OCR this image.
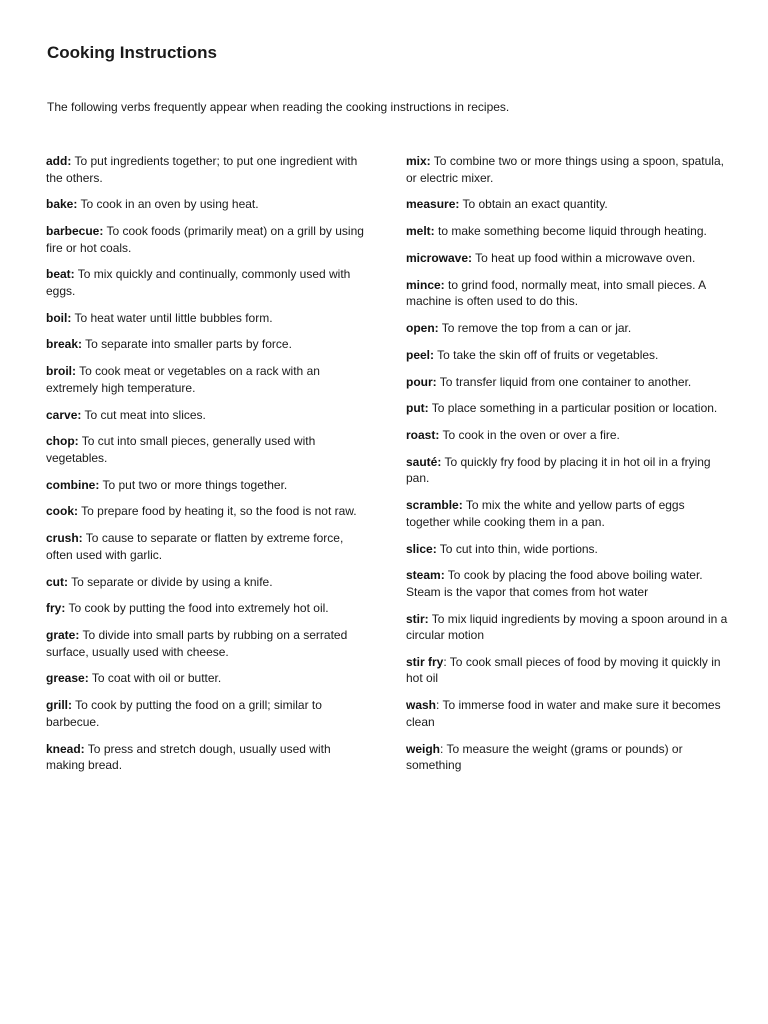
Cooking Instructions

The following verbs frequently appear when reading the cooking instructions in recipes.

add: To put ingredients together; to put one ingredient with the others.

bake: To cook in an oven by using heat.

barbecue: To cook foods (primarily meat) on a grill by using fire or hot coals.

beat: To mix quickly and continually, commonly used with eggs.

boil: To heat water until little bubbles form.

break: To separate into smaller parts by force.

broil: To cook meat or vegetables on a rack with an extremely high temperature.

carve: To cut meat into slices.

chop: To cut into small pieces, generally used with vegetables.

combine: To put two or more things together.

cook: To prepare food by heating it, so the food is not raw.

crush: To cause to separate or flatten by extreme force, often used with garlic.

cut: To separate or divide by using a knife.

fry: To cook by putting the food into extremely hot oil.

grate: To divide into small parts by rubbing on a serrated surface, usually used with cheese.

grease: To coat with oil or butter.

grill: To cook by putting the food on a grill; similar to barbecue.

knead: To press and stretch dough, usually used with making bread.

mix: To combine two or more things using a spoon, spatula, or electric mixer.

measure: To obtain an exact quantity.

melt: to make something become liquid through heating.

microwave: To heat up food within a microwave oven.

mince: to grind food, normally meat, into small pieces. A machine is often used to do this.

open: To remove the top from a can or jar.

peel: To take the skin off of fruits or vegetables.

pour: To transfer liquid from one container to another.

put: To place something in a particular position or location.

roast: To cook in the oven or over a fire.

sauté: To quickly fry food by placing it in hot oil in a frying pan.

scramble: To mix the white and yellow parts of eggs together while cooking them in a pan.

slice: To cut into thin, wide portions.

steam: To cook by placing the food above boiling water. Steam is the vapor that comes from hot water

stir: To mix liquid ingredients by moving a spoon around in a circular motion

stir fry: To cook small pieces of food by moving it quickly in hot oil

wash: To immerse food in water and make sure it becomes clean

weigh: To measure the weight (grams or pounds) or something
